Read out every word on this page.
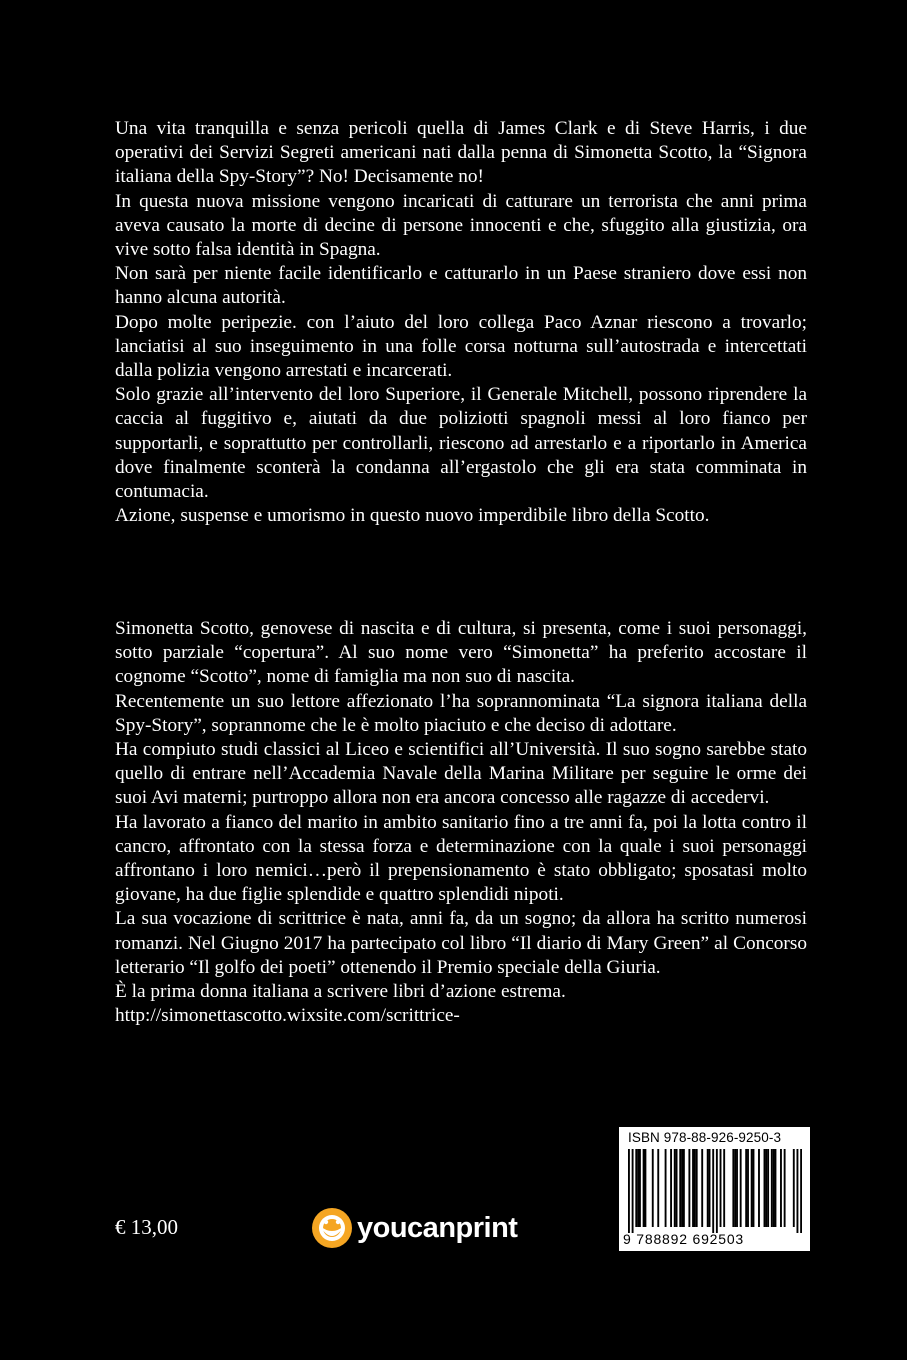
Una vita tranquilla e senza pericoli quella di James Clark e di Steve Harris, i due operativi dei Servizi Segreti americani nati dalla penna di Simonetta Scotto, la “Signora italiana della Spy-Story”? No! Decisamente no!

In questa nuova missione vengono incaricati di catturare un terrorista che anni prima aveva causato la morte di decine di persone innocenti e che, sfuggito alla giustizia, ora vive sotto falsa identità in Spagna.

Non sarà per niente facile identificarlo e catturarlo in un Paese straniero dove essi non hanno alcuna autorità.

Dopo molte peripezie. con l’aiuto del loro collega Paco Aznar riescono a trovarlo; lanciatisi al suo inseguimento in una folle corsa notturna sull’autostrada e intercettati dalla polizia vengono arrestati e incarcerati.

Solo grazie all’intervento del loro Superiore, il Generale Mitchell, possono riprendere la caccia al fuggitivo e, aiutati da due poliziotti spagnoli messi al loro fianco per supportarli, e soprattutto per controllarli, riescono ad arrestarlo e a riportarlo in America dove finalmente sconterà la condanna all’ergastolo che gli era stata comminata in contumacia.

Azione, suspense e umorismo in questo nuovo imperdibile libro della Scotto.

Simonetta Scotto, genovese di nascita e di cultura, si presenta, come i suoi personaggi, sotto parziale “copertura”. Al suo nome vero “Simonetta” ha preferito accostare il cognome “Scotto”, nome di famiglia ma non suo di nascita.

Recentemente un suo lettore affezionato l’ha soprannominata “La signora italiana della Spy-Story”, soprannome che le è molto piaciuto e che deciso di adottare.

Ha compiuto studi classici al Liceo e scientifici all’Università. Il suo sogno sarebbe stato quello di entrare nell’Accademia Navale della Marina Militare per seguire le orme dei suoi Avi materni; purtroppo allora non era ancora concesso alle ragazze di accedervi.

Ha lavorato a fianco del marito in ambito sanitario fino a tre anni fa, poi la lotta contro il cancro, affrontato con la stessa forza e determinazione con la quale i suoi personaggi affrontano i loro nemici…però il prepensionamento è stato obbligato; sposatasi molto giovane, ha due figlie splendide e quattro splendidi nipoti.

La sua vocazione di scrittrice è nata, anni fa, da un sogno; da allora ha scritto numerosi romanzi. Nel Giugno 2017 ha partecipato col libro “Il diario di Mary Green” al Concorso letterario “Il golfo dei poeti” ottenendo il Premio speciale della Giuria.

È la prima donna italiana a scrivere libri d’azione estrema.

http://simonettascotto.wixsite.com/scrittrice-

€ 13,00	youcanprint
ISBN 978-88-926-9250-3
9 788892 692503
